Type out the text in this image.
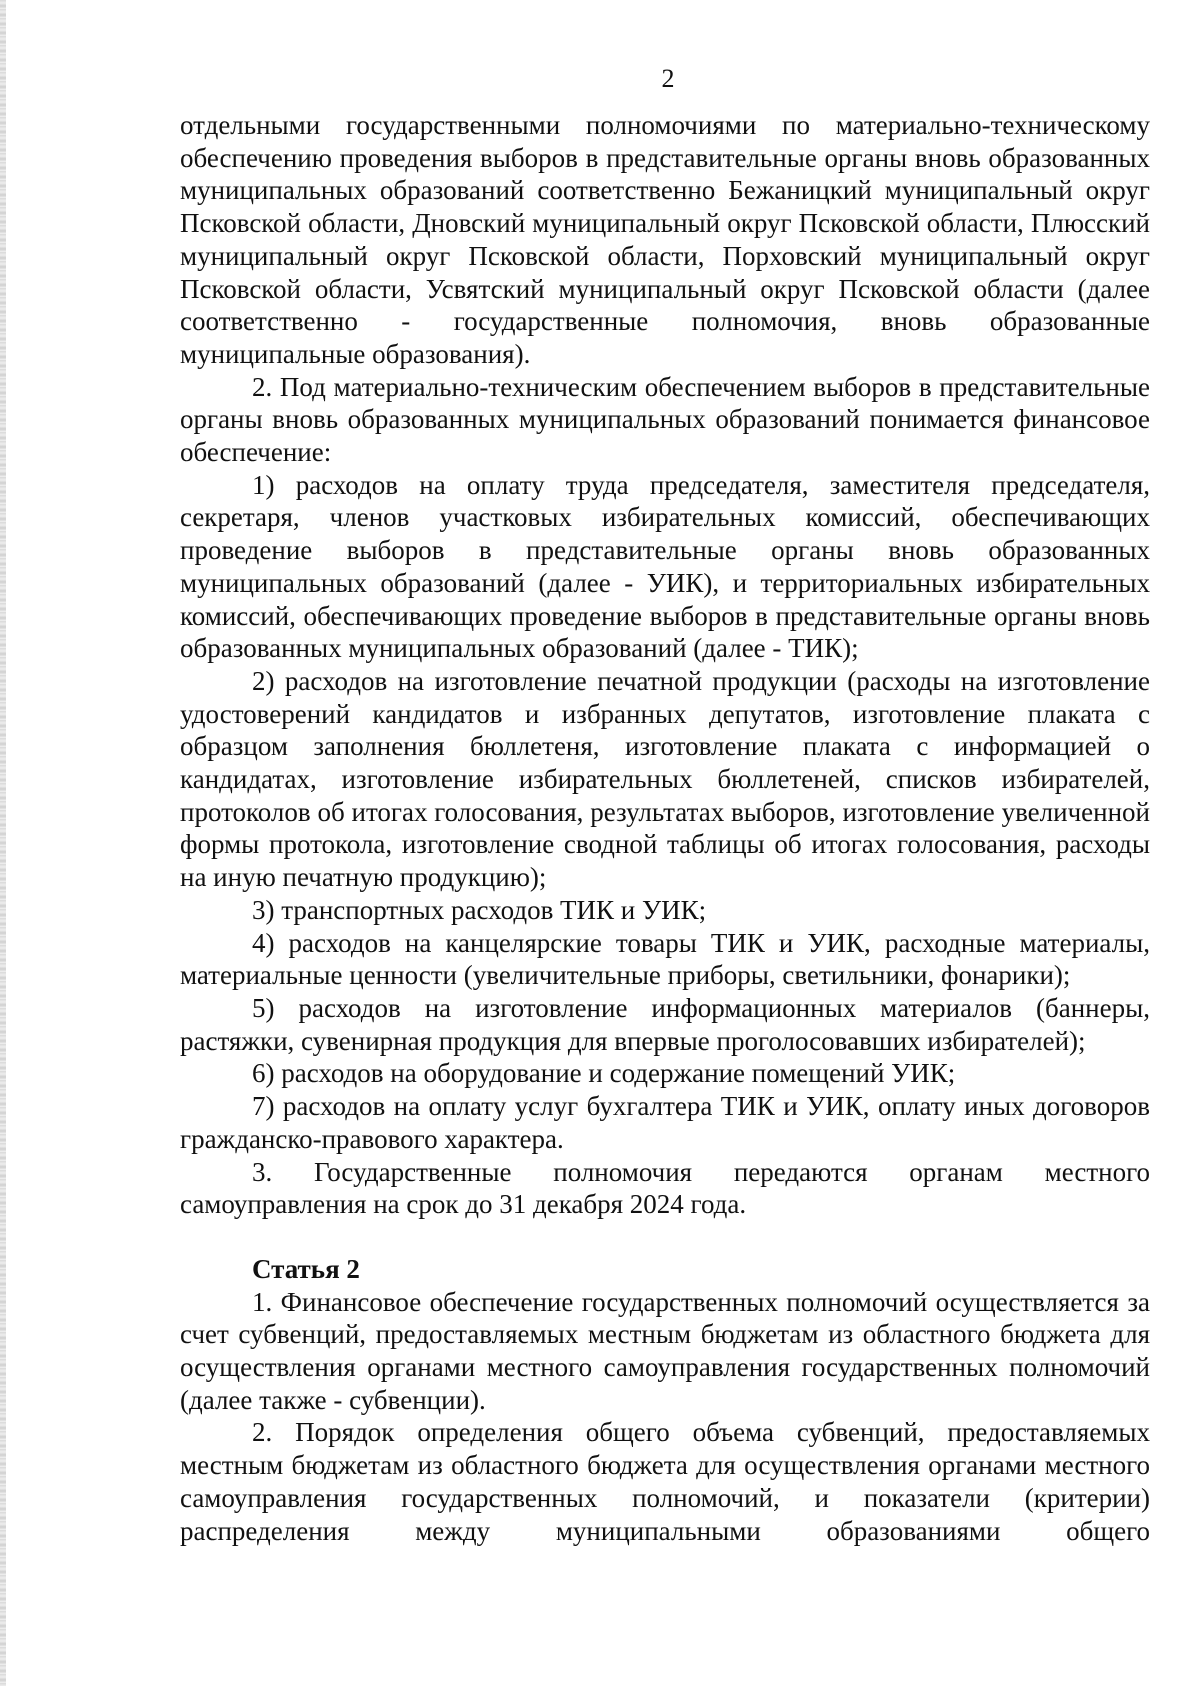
2

отдельными государственными полномочиями по материально-техническому обеспечению проведения выборов в представительные органы вновь образованных муниципальных образований соответственно Бежаницкий муниципальный округ Псковской области, Дновский муниципальный округ Псковской области, Плюсский муниципальный округ Псковской области, Порховский муниципальный округ Псковской области, Усвятский муниципальный округ Псковской области (далее соответственно - государственные полномочия, вновь образованные муниципальные образования).

2. Под материально-техническим обеспечением выборов в представительные органы вновь образованных муниципальных образований понимается финансовое обеспечение:

1) расходов на оплату труда председателя, заместителя председателя, секретаря, членов участковых избирательных комиссий, обеспечивающих проведение выборов в представительные органы вновь образованных муниципальных образований (далее - УИК), и территориальных избирательных комиссий, обеспечивающих проведение выборов в представительные органы вновь образованных муниципальных образований (далее - ТИК);

2) расходов на изготовление печатной продукции (расходы на изготовление удостоверений кандидатов и избранных депутатов, изготовление плаката с образцом заполнения бюллетеня, изготовление плаката с информацией о кандидатах, изготовление избирательных бюллетеней, списков избирателей, протоколов об итогах голосования, результатах выборов, изготовление увеличенной формы протокола, изготовление сводной таблицы об итогах голосования, расходы на иную печатную продукцию);

3) транспортных расходов ТИК и УИК;

4) расходов на канцелярские товары ТИК и УИК, расходные материалы, материальные ценности (увеличительные приборы, светильники, фонарики);

5) расходов на изготовление информационных материалов (баннеры, растяжки, сувенирная продукция для впервые проголосовавших избирателей);

6) расходов на оборудование и содержание помещений УИК;

7) расходов на оплату услуг бухгалтера ТИК и УИК, оплату иных договоров гражданско-правового характера.

3. Государственные полномочия передаются органам местного самоуправления на срок до 31 декабря 2024 года.

Статья 2

1. Финансовое обеспечение государственных полномочий осуществляется за счет субвенций, предоставляемых местным бюджетам из областного бюджета для осуществления органами местного самоуправления государственных полномочий (далее также - субвенции).

2. Порядок определения общего объема субвенций, предоставляемых местным бюджетам из областного бюджета для осуществления органами местного самоуправления государственных полномочий, и показатели (критерии) распределения между муниципальными образованиями общего
